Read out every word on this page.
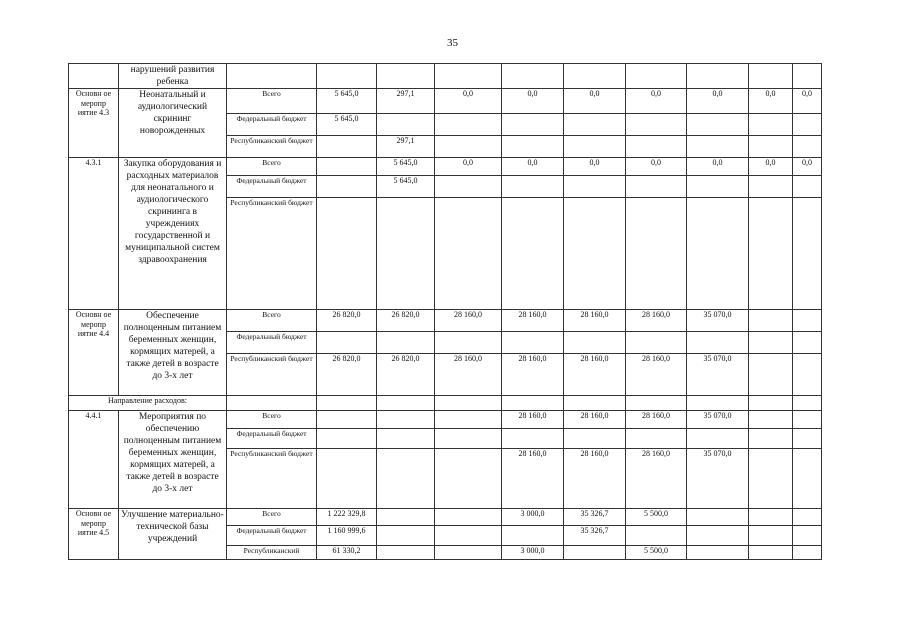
35
	нарушений развития ребенка										
Основн ое меропр иятие 4.3	Неонатальный и аудиологический скрининг новорожденных	Всего	5 645,0	297,1	0,0	0,0	0,0	0,0	0,0	0,0	0,0
		Федеральный бюджет	5 645,0								
		Республиканский бюджет		297,1							
4.3.1	Закупка оборудования и расходных материалов для неонатального и аудиологического скрининга в учреждениях государственной и муниципальной систем здравоохранения	Всего		5 645,0	0,0	0,0	0,0	0,0	0,0	0,0	0,0
		Федеральный бюджет		5 645,0							
		Республиканский бюджет									
Основн ое меропр иятие 4.4	Обеспечение полноценным питанием беременных женщин, кормящих матерей, а также детей в возрасте до 3-х лет	Всего	26 820,0	26 820,0	28 160,0	28 160,0	28 160,0	28 160,0	35 070,0		
		Федеральный бюджет									
		Республиканский бюджет	26 820,0	26 820,0	28 160,0	28 160,0	28 160,0	28 160,0	35 070,0		
Направление расходов:											
4.4.1	Мероприятия по обеспечению полноценным питанием беременных женщин, кормящих матерей, а также детей в возрасте до 3-х лет	Всего				28 160,0	28 160,0	28 160,0	35 070,0		
		Федеральный бюджет									
		Республиканский бюджет				28 160,0	28 160,0	28 160,0	35 070,0		
Основн ое меропр иятие 4.5	Улучшение материально-технической базы учреждений	Всего	1 222 329,8			3 000,0	35 326,7	5 500,0			
		Федеральный бюджет	1 160 999,6				35 326,7				
		Республиканский	61 330,2			3 000,0		5 500,0			
